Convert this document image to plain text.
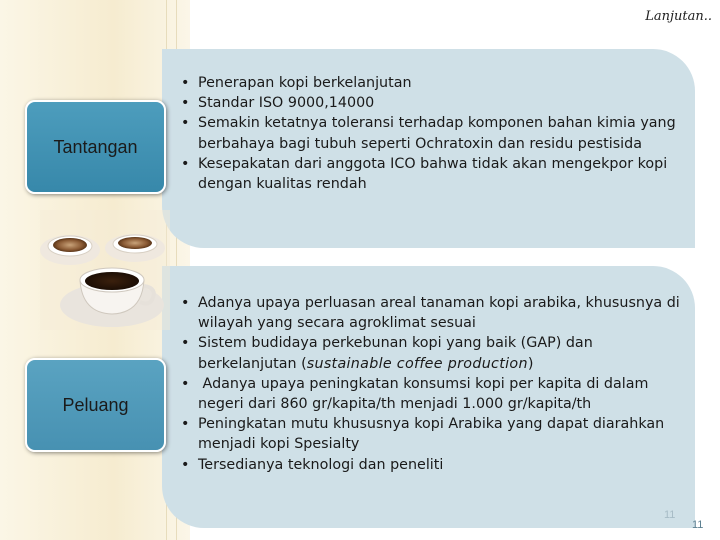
Lanjutan..
Tantangan
• Penerapan kopi berkelanjutan
• Standar ISO 9000,14000
• Semakin ketatnya toleransi terhadap komponen bahan kimia yang berbahaya bagi tubuh seperti Ochratoxin dan residu pestisida
• Kesepakatan dari anggota ICO bahwa tidak akan mengekpor kopi dengan kualitas rendah
Peluang
• Adanya upaya perluasan areal tanaman kopi arabika, khususnya di wilayah yang secara agroklimat sesuai
• Sistem budidaya perkebunan kopi yang baik (GAP) dan berkelanjutan (sustainable coffee production)
•  Adanya upaya peningkatan konsumsi kopi per kapita di dalam negeri dari 860 gr/kapita/th menjadi 1.000 gr/kapita/th
• Peningkatan mutu khususnya kopi Arabika yang dapat diarahkan menjadi kopi Spesialty
• Tersedianya teknologi dan peneliti
11
11
